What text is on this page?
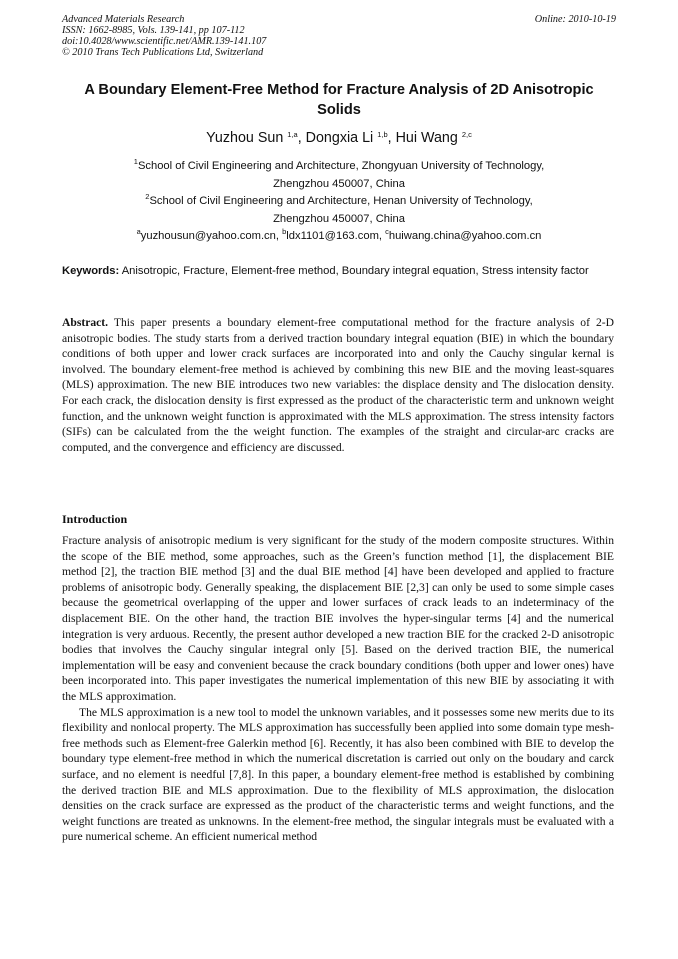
Advanced Materials Research
ISSN: 1662-8985, Vols. 139-141, pp 107-112
doi:10.4028/www.scientific.net/AMR.139-141.107
© 2010 Trans Tech Publications Ltd, Switzerland
Online: 2010-10-19
A Boundary Element-Free Method for Fracture Analysis of 2D Anisotropic Solids
Yuzhou Sun $^{1,a}$, Dongxia Li $^{1,b}$, Hui Wang $^{2,c}$
$^1$School of Civil Engineering and Architecture, Zhongyuan University of Technology,
Zhengzhou 450007, China
$^2$School of Civil Engineering and Architecture, Henan University of Technology,
Zhengzhou 450007, China
$^a$yuzhousun@yahoo.com.cn, $^b$ldx1101@163.com, $^c$huiwang.china@yahoo.com.cn
Keywords: Anisotropic, Fracture, Element-free method, Boundary integral equation, Stress intensity factor
Abstract. This paper presents a boundary element-free computational method for the fracture analysis of 2-D anisotropic bodies. The study starts from a derived traction boundary integral equation (BIE) in which the boundary conditions of both upper and lower crack surfaces are incorporated into and only the Cauchy singular kernal is involved. The boundary element-free method is achieved by combining this new BIE and the moving least-squares (MLS) approximation. The new BIE introduces two new variables: the displace density and The dislocation density. For each crack, the dislocation density is first expressed as the product of the characteristic term and unknown weight function, and the unknown weight function is approximated with the MLS approximation. The stress intensity factors (SIFs) can be calculated from the the weight function. The examples of the straight and circular-arc cracks are computed, and the convergence and efficiency are discussed.
Introduction

Fracture analysis of anisotropic medium is very significant for the study of the modern composite structures. Within the scope of the BIE method, some approaches, such as the Green’s function method [1], the displacement BIE method [2], the traction BIE method [3] and the dual BIE method [4] have been developed and applied to fracture problems of anisotropic body. Generally speaking, the displacement BIE [2,3] can only be used to some simple cases because the geometrical overlapping of the upper and lower surfaces of crack leads to an indeterminacy of the displacement BIE. On the other hand, the traction BIE involves the hyper-singular terms [4] and the numerical integration is very arduous. Recently, the present author developed a new traction BIE for the cracked 2-D anisotropic bodies that involves the Cauchy singular integral only [5]. Based on the derived traction BIE, the numerical implementation will be easy and convenient because the crack boundary conditions (both upper and lower ones) have been incorporated into. This paper investigates the numerical implementation of this new BIE by associating it with the MLS approximation.

The MLS approximation is a new tool to model the unknown variables, and it possesses some new merits due to its flexibility and nonlocal property. The MLS approximation has successfully been applied into some domain type mesh-free methods such as Element-free Galerkin method [6]. Recently, it has also been combined with BIE to develop the boundary type element-free method in which the numerical discretation is carried out only on the boudary and carck surface, and no element is needful [7,8]. In this paper, a boundary element-free method is established by combining the derived traction BIE and MLS approximation. Due to the flexibility of MLS approximation, the dislocation densities on the crack surface are expressed as the product of the characteristic terms and weight functions, and the weight functions are treated as unknowns. In the element-free method, the singular integrals must be evaluated with a pure numerical scheme. An efficient numerical method
